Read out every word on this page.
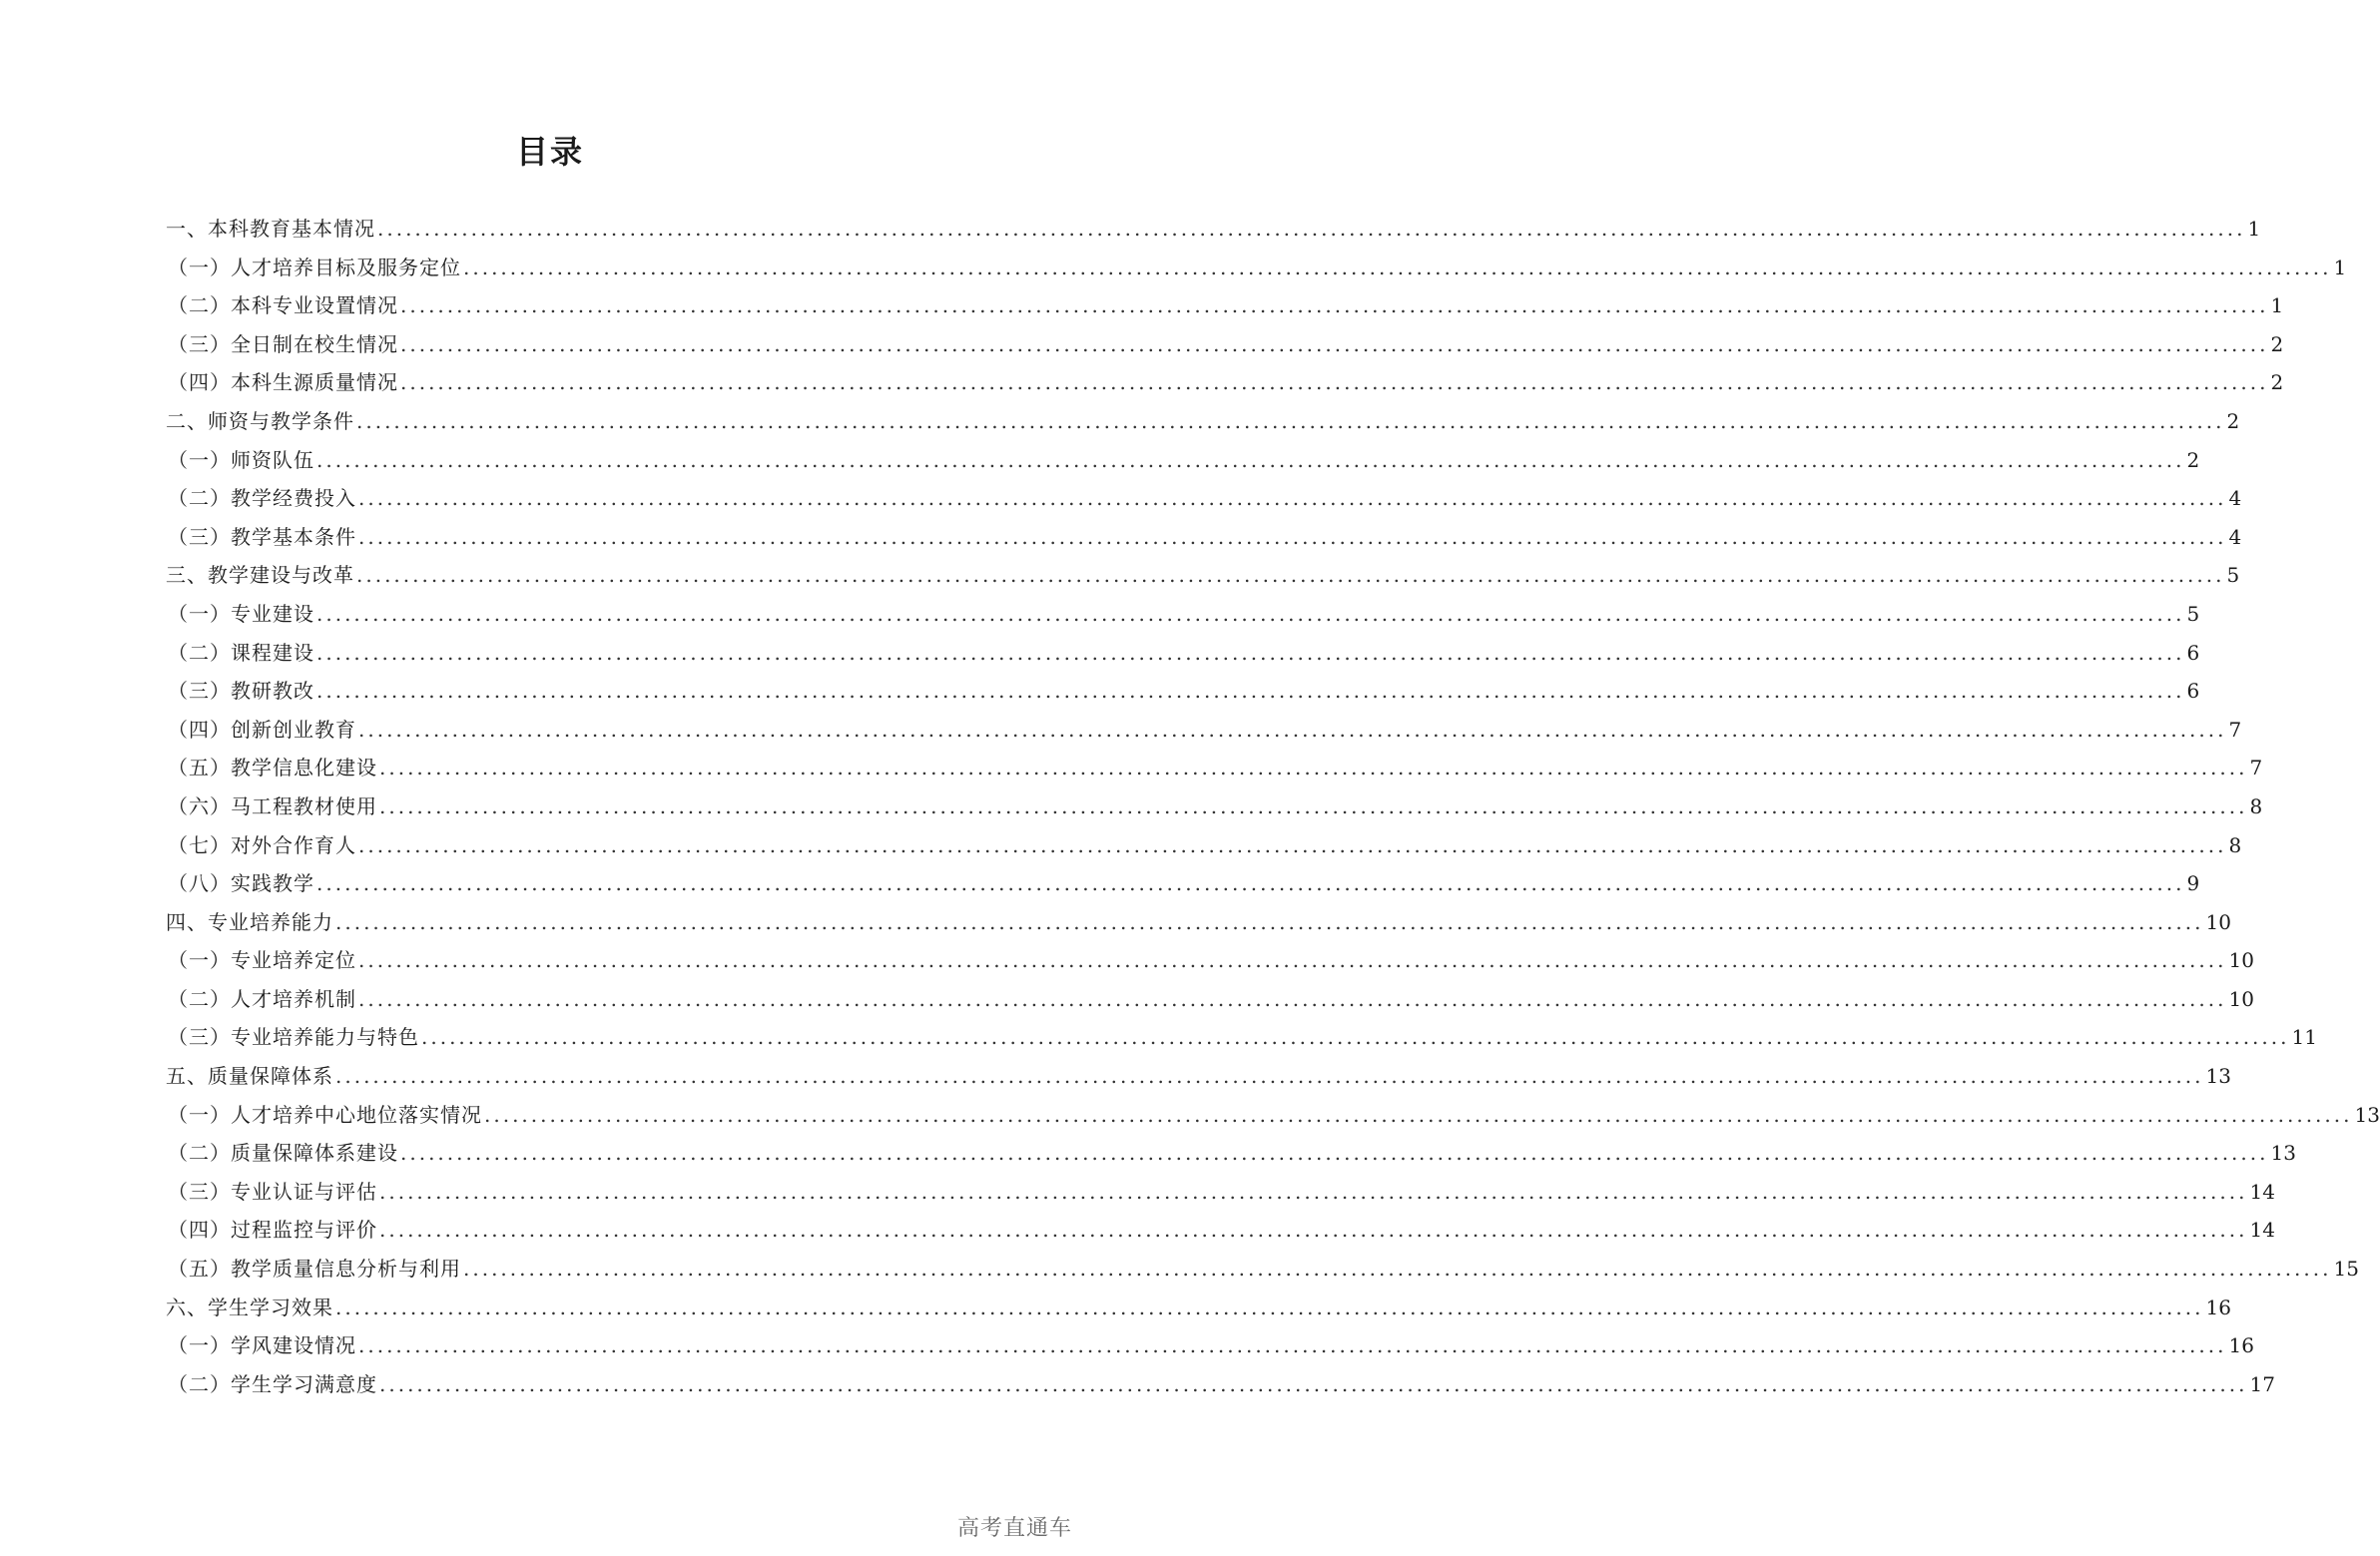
目录
一、本科教育基本情况 ........................................................................................................................................................................................................ 1
（一）人才培养目标及服务定位 ........................................................................................................................................................................................................ 1
（二）本科专业设置情况 ........................................................................................................................................................................................................ 1
（三）全日制在校生情况 ........................................................................................................................................................................................................ 2
（四）本科生源质量情况 ........................................................................................................................................................................................................ 2
二、师资与教学条件 ........................................................................................................................................................................................................ 2
（一）师资队伍 ........................................................................................................................................................................................................ 2
（二）教学经费投入 ........................................................................................................................................................................................................ 4
（三）教学基本条件 ........................................................................................................................................................................................................ 4
三、教学建设与改革 ........................................................................................................................................................................................................ 5
（一）专业建设 ........................................................................................................................................................................................................ 5
（二）课程建设 ........................................................................................................................................................................................................ 6
（三）教研教改 ........................................................................................................................................................................................................ 6
（四）创新创业教育 ........................................................................................................................................................................................................ 7
（五）教学信息化建设 ........................................................................................................................................................................................................ 7
（六）马工程教材使用 ........................................................................................................................................................................................................ 8
（七）对外合作育人 ........................................................................................................................................................................................................ 8
（八）实践教学 ........................................................................................................................................................................................................ 9
四、专业培养能力 ........................................................................................................................................................................................................ 10
（一）专业培养定位 ........................................................................................................................................................................................................ 10
（二）人才培养机制 ........................................................................................................................................................................................................ 10
（三）专业培养能力与特色 ........................................................................................................................................................................................................ 11
五、质量保障体系 ........................................................................................................................................................................................................ 13
（一）人才培养中心地位落实情况 ........................................................................................................................................................................................................ 13
（二）质量保障体系建设 ........................................................................................................................................................................................................ 13
（三）专业认证与评估 ........................................................................................................................................................................................................ 14
（四）过程监控与评价 ........................................................................................................................................................................................................ 14
（五）教学质量信息分析与利用 ........................................................................................................................................................................................................ 15
六、学生学习效果 ........................................................................................................................................................................................................ 16
（一）学风建设情况 ........................................................................................................................................................................................................ 16
（二）学生学习满意度 ........................................................................................................................................................................................................ 17
高考直通车
